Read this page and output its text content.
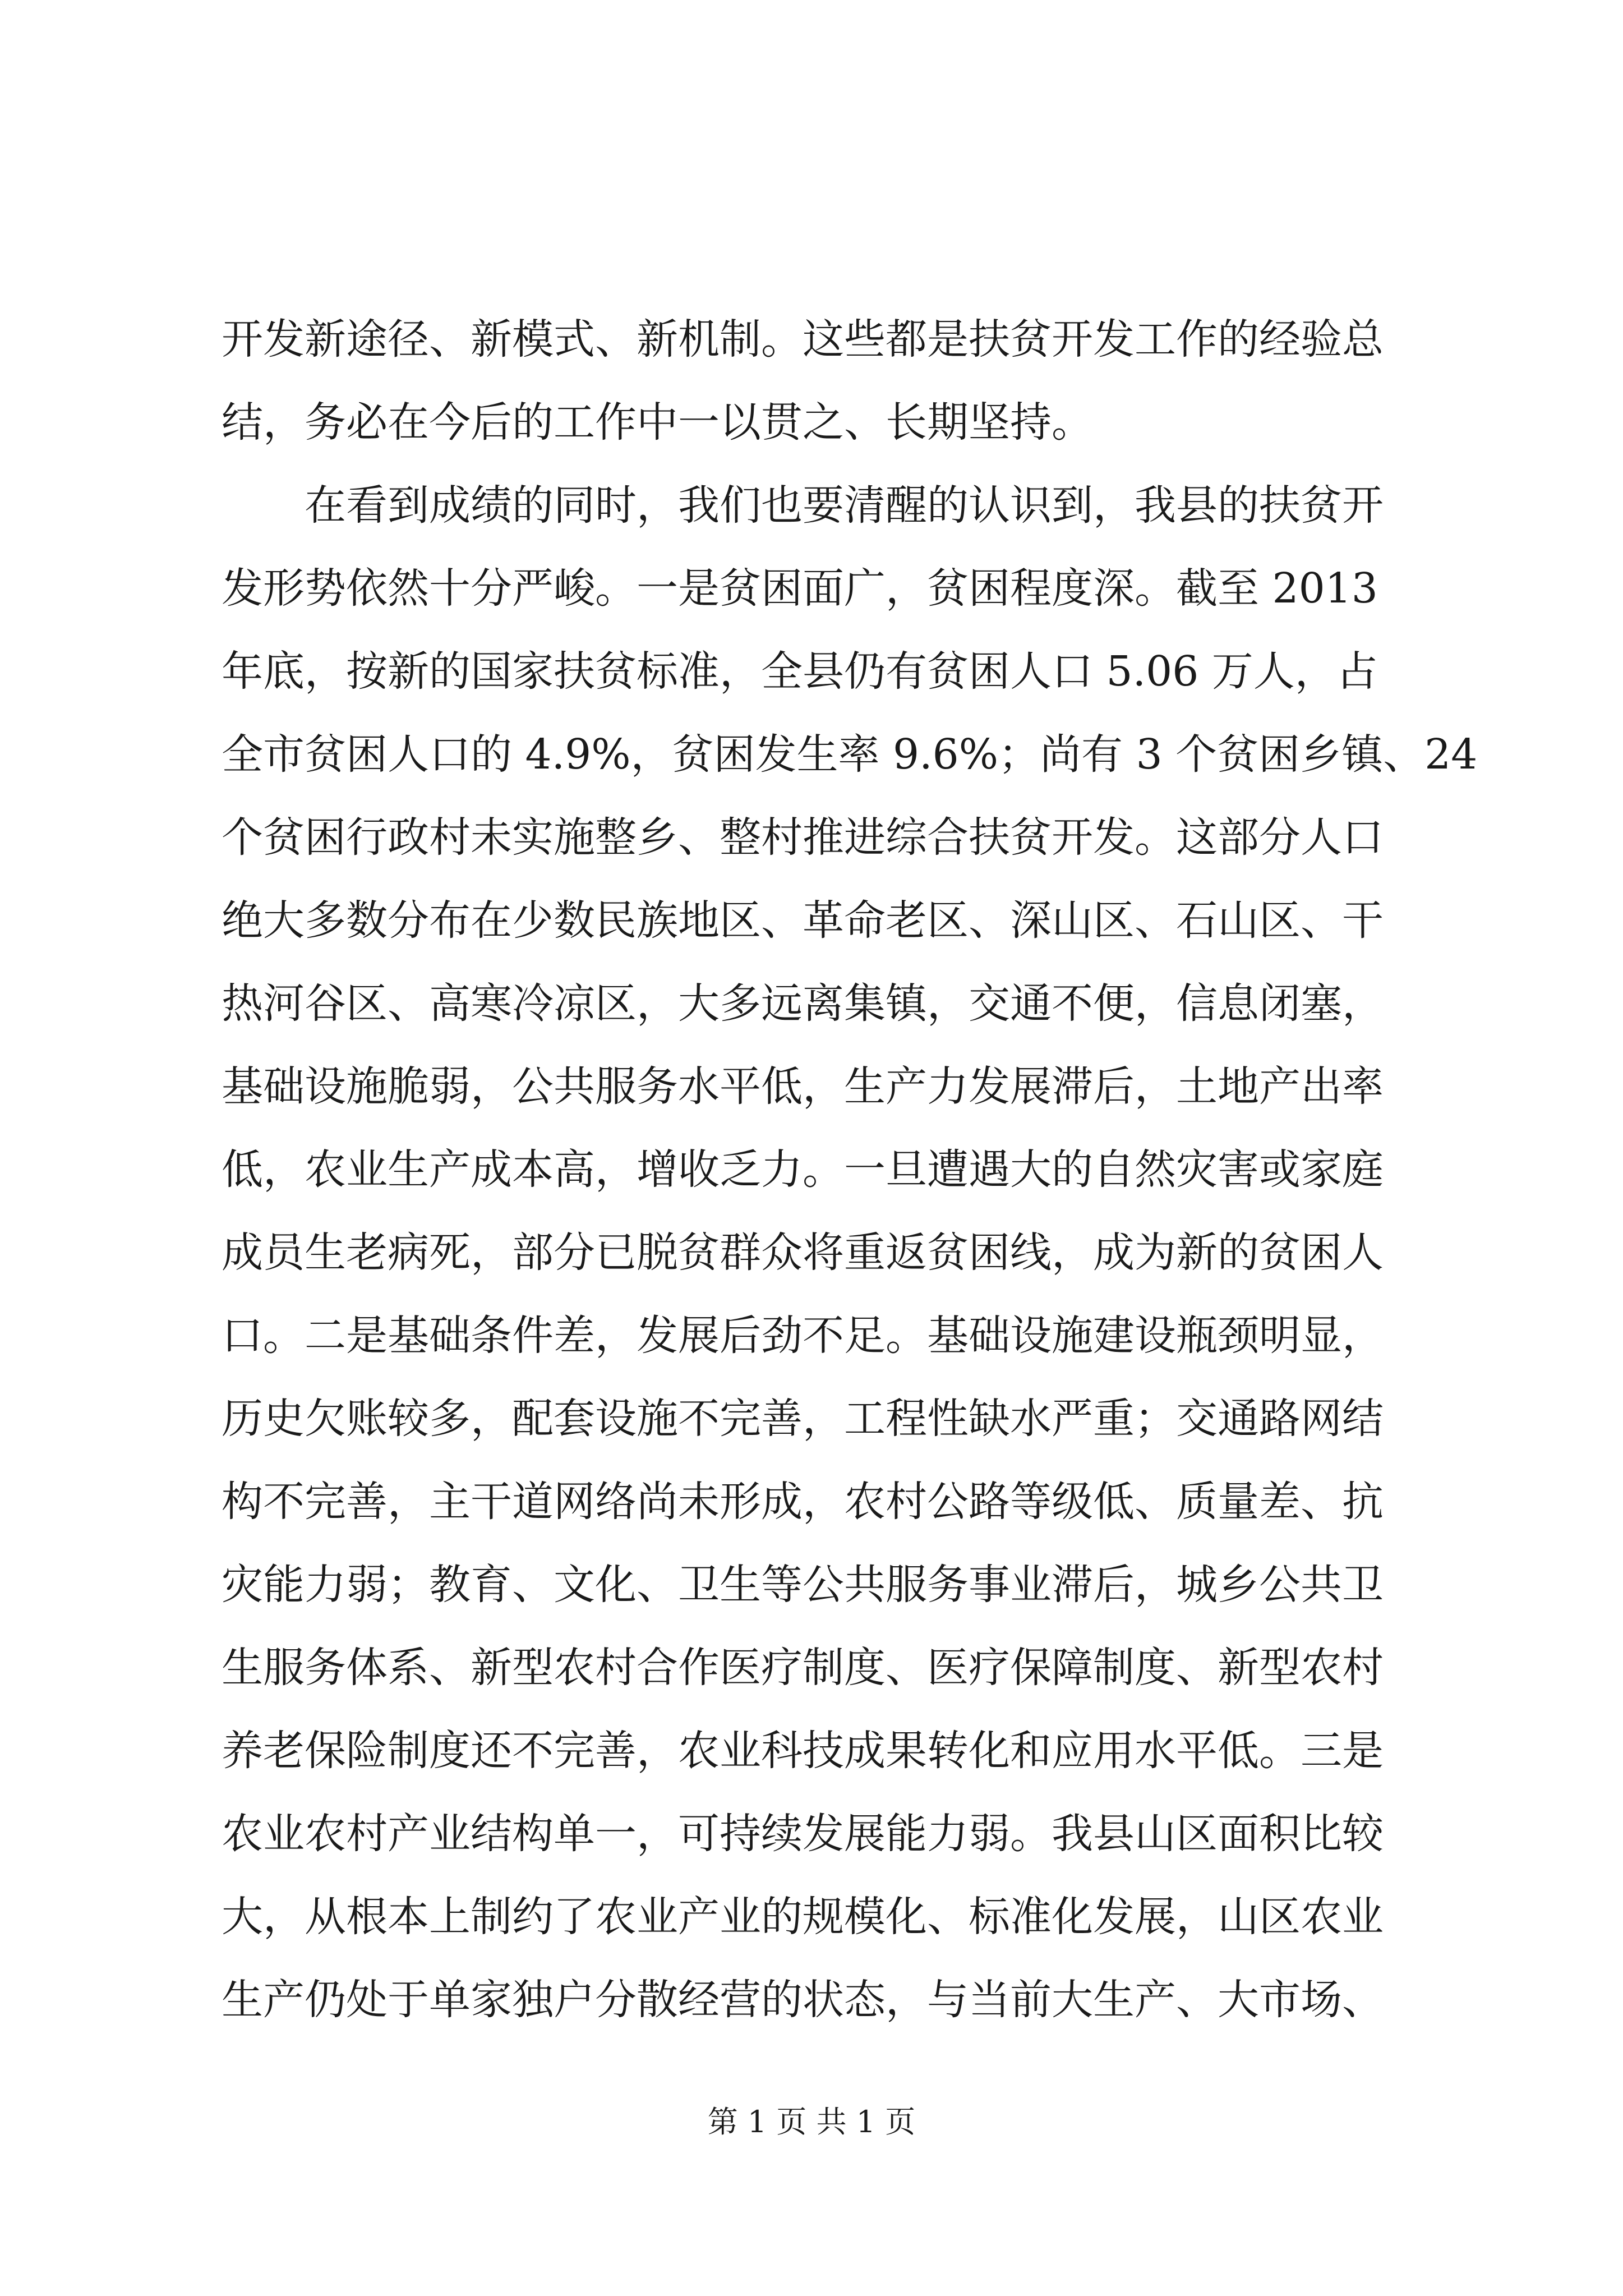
开发新途径、新模式、新机制。这些都是扶贫开发工作的经验总
结，务必在今后的工作中一以贯之、长期坚持。
　　在看到成绩的同时，我们也要清醒的认识到，我县的扶贫开
发形势依然十分严峻。一是贫困面广，贫困程度深。截至 2013
年底，按新的国家扶贫标准，全县仍有贫困人口 5.06 万人，占
全市贫困人口的 4.9%，贫困发生率 9.6%；尚有 3 个贫困乡镇、24
个贫困行政村未实施整乡、整村推进综合扶贫开发。这部分人口
绝大多数分布在少数民族地区、革命老区、深山区、石山区、干
热河谷区、高寒冷凉区，大多远离集镇，交通不便，信息闭塞，
基础设施脆弱，公共服务水平低，生产力发展滞后，土地产出率
低，农业生产成本高，增收乏力。一旦遭遇大的自然灾害或家庭
成员生老病死，部分已脱贫群众将重返贫困线，成为新的贫困人
口。二是基础条件差，发展后劲不足。基础设施建设瓶颈明显，
历史欠账较多，配套设施不完善，工程性缺水严重；交通路网结
构不完善，主干道网络尚未形成，农村公路等级低、质量差、抗
灾能力弱；教育、文化、卫生等公共服务事业滞后，城乡公共卫
生服务体系、新型农村合作医疗制度、医疗保障制度、新型农村
养老保险制度还不完善，农业科技成果转化和应用水平低。三是
农业农村产业结构单一，可持续发展能力弱。我县山区面积比较
大，从根本上制约了农业产业的规模化、标准化发展，山区农业
生产仍处于单家独户分散经营的状态，与当前大生产、大市场、
第 1 页 共 1 页
